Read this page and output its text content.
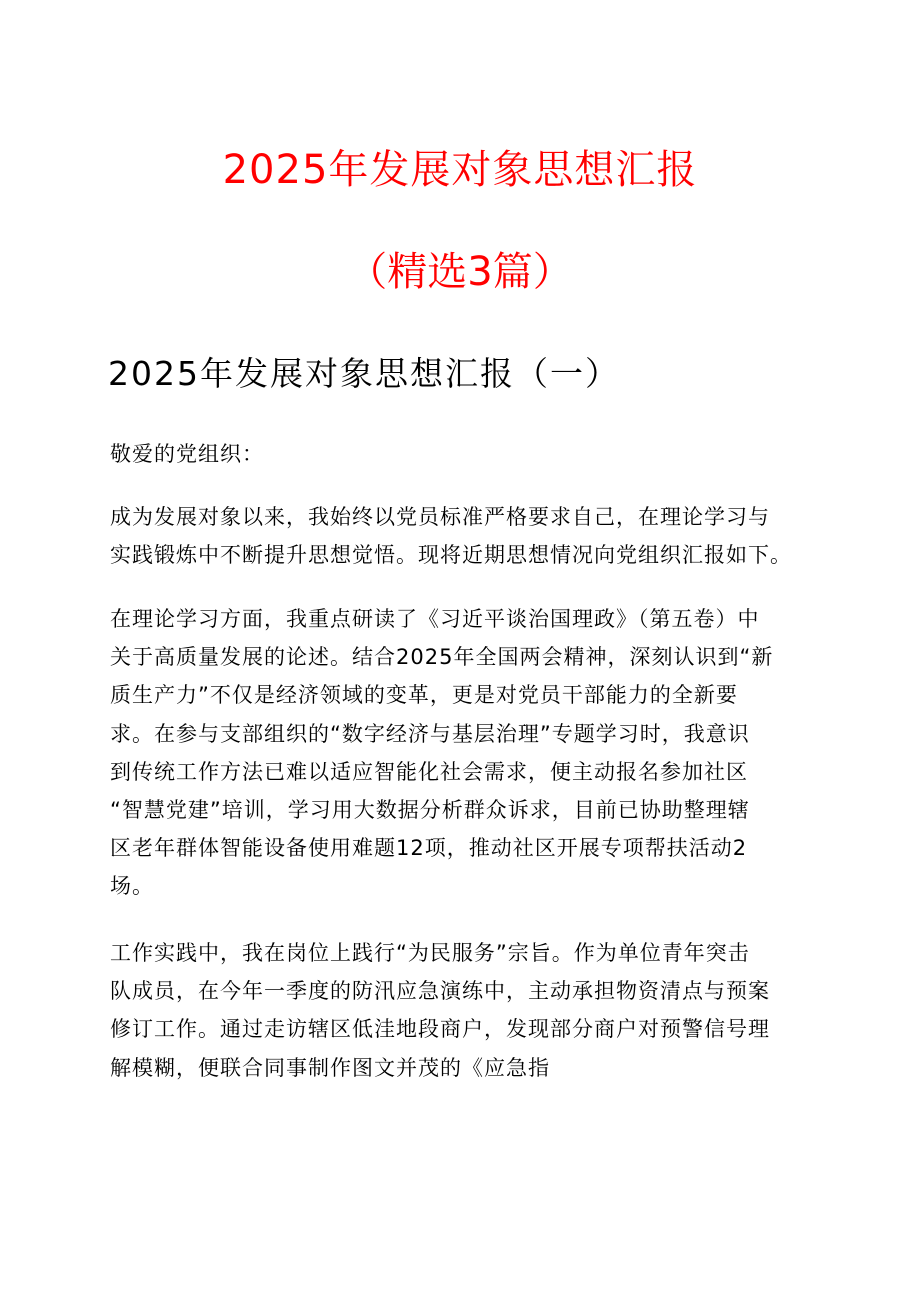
2025年发展对象思想汇报
（精选3篇）
2025年发展对象思想汇报（一）
敬爱的党组织：
成为发展对象以来，我始终以党员标准严格要求自己，在理论学习与
实践锻炼中不断提升思想觉悟。现将近期思想情况向党组织汇报如下。
在理论学习方面，我重点研读了《习近平谈治国理政》（第五卷）中
关于高质量发展的论述。结合2025年全国两会精神，深刻认识到“新
质生产力”不仅是经济领域的变革，更是对党员干部能力的全新要
求。在参与支部组织的“数字经济与基层治理”专题学习时，我意识
到传统工作方法已难以适应智能化社会需求，便主动报名参加社区
“智慧党建”培训，学习用大数据分析群众诉求，目前已协助整理辖
区老年群体智能设备使用难题12项，推动社区开展专项帮扶活动2
场。
工作实践中，我在岗位上践行“为民服务”宗旨。作为单位青年突击
队成员，在今年一季度的防汛应急演练中，主动承担物资清点与预案
修订工作。通过走访辖区低洼地段商户，发现部分商户对预警信号理
解模糊，便联合同事制作图文并茂的《应急指
